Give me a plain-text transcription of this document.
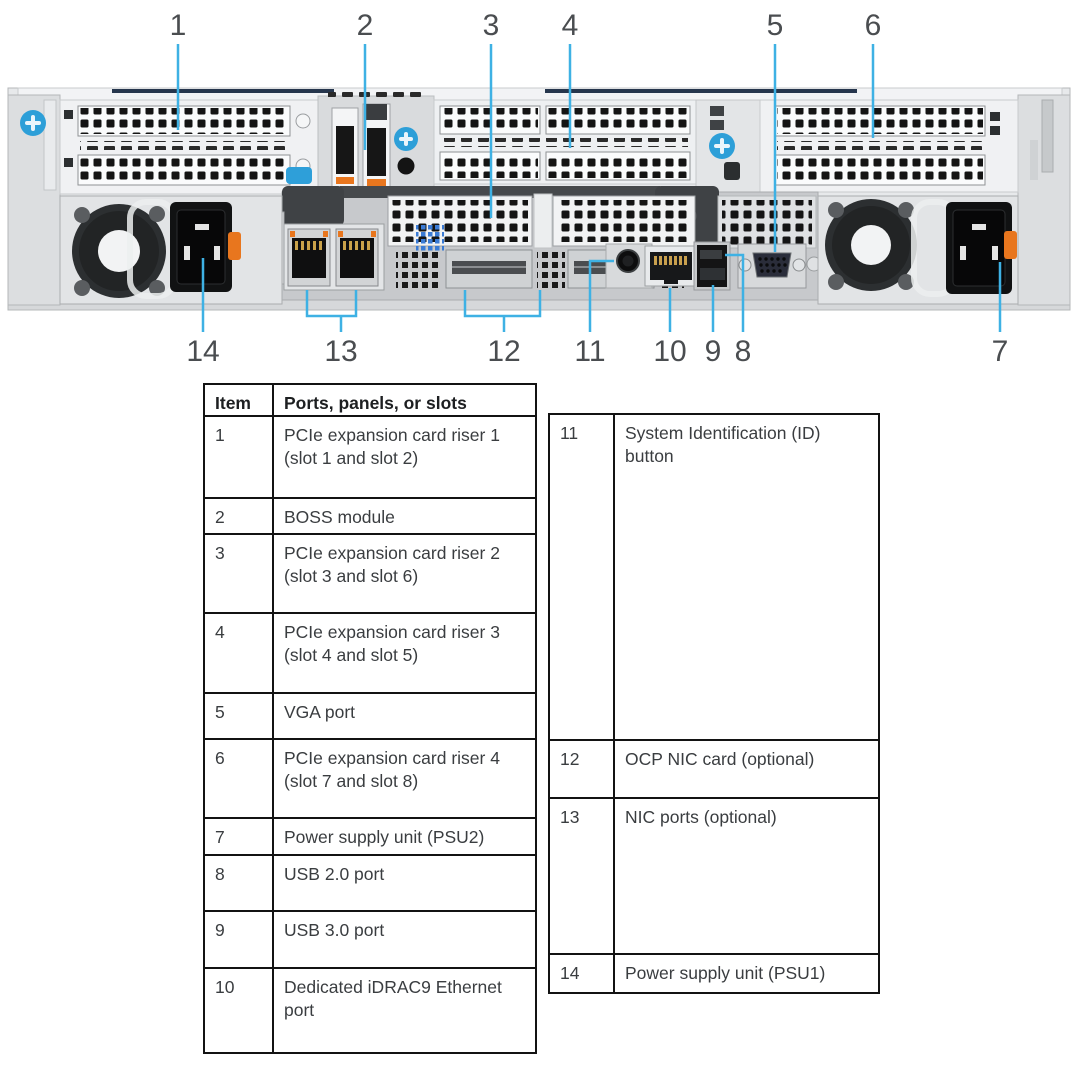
1	2	3 4	5	6
14	13	12 11 10 9 8	7
Item	Ports, panels, or slots
1	PCIe expansion card riser 1 (slot 1 and slot 2)
2	BOSS module
3	PCIe expansion card riser 2 (slot 3 and slot 6)
4	PCIe expansion card riser 3 (slot 4 and slot 5)
5	VGA port
6	PCIe expansion card riser 4 (slot 7 and slot 8)
7	Power supply unit (PSU2)
8	USB 2.0 port
9	USB 3.0 port
10	Dedicated iDRAC9 Ethernet port
11	System Identification (ID) button
12	OCP NIC card (optional)
13	NIC ports (optional)
14	Power supply unit (PSU1)
